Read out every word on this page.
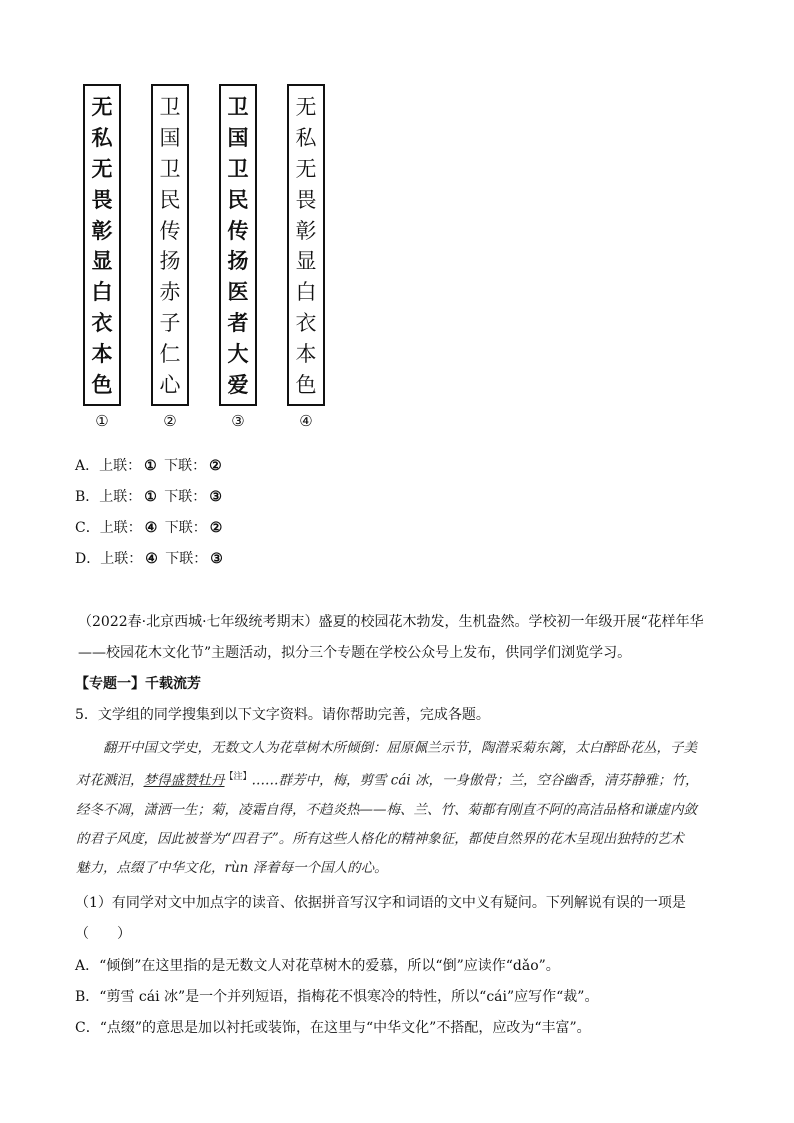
无
私
无
畏
彰
显
白
衣
本
色
①
卫
国
卫
民
传
扬
赤
子
仁
心
②
卫
国
卫
民
传
扬
医
者
大
爱
③
无
私
无
畏
彰
显
白
衣
本
色
④
A．上联： ① 下联： ②
B．上联： ① 下联： ③
C．上联： ④ 下联： ②
D．上联： ④ 下联： ③
（2022春·北京西城·七年级统考期末）盛夏的校园花木勃发，生机盎然。学校初一年级开展“花样年华
——校园花木文化节”主题活动，拟分三个专题在学校公众号上发布，供同学们浏览学习。
【专题一】千载流芳
5．文学组的同学搜集到以下文字资料。请你帮助完善，完成各题。

翻开中国文学史，无数文人为花草树木所倾倒：屈原佩兰示节，陶潜采菊东篱，太白醉卧花丛，子美

对花溅泪，梦得盛赞牡丹$^{【注】}$……群芳中，梅，剪雪 cái 冰，一身傲骨；兰，空谷幽香，清芬静雅；竹，

经冬不凋，潇洒一生；菊，凌霜自得，不趋炎热——梅、兰、竹、菊都有刚直不阿的高洁品格和谦虚内敛

的君子风度，因此被誉为“四君子”。所有这些人格化的精神象征，都使自然界的花木呈现出独特的艺术

魅力，点缀了中华文化，rùn 泽着每一个国人的心。

（1）有同学对文中加点字的读音、依据拼音写汉字和词语的文中义有疑问。下列解说有误的一项是
（　　）
A．“倾倒”在这里指的是无数文人对花草树木的爱慕，所以“倒”应读作“dǎo”。
B．“剪雪 cái 冰”是一个并列短语，指梅花不惧寒冷的特性，所以“cái”应写作“裁”。
C．“点缀”的意思是加以衬托或装饰，在这里与“中华文化”不搭配，应改为“丰富”。
